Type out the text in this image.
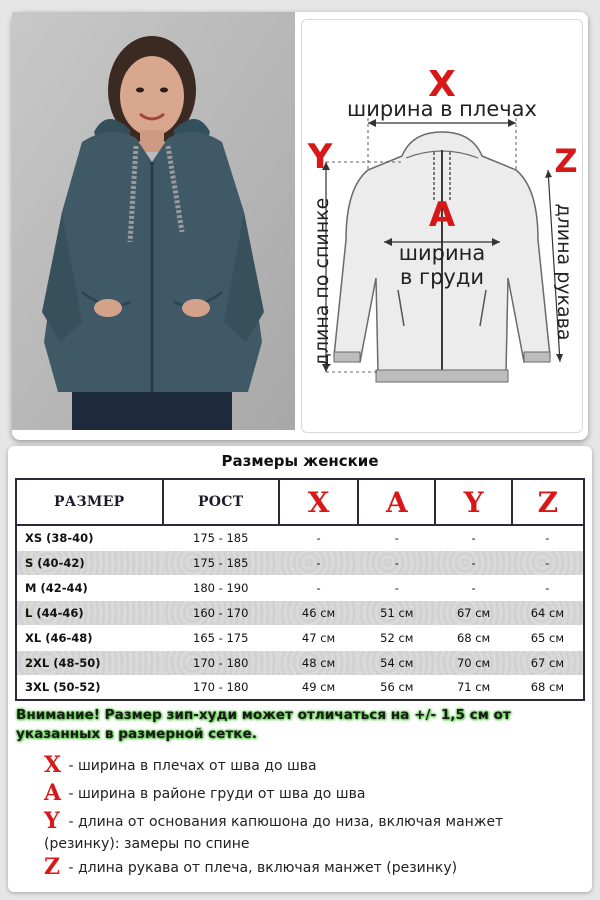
X
A
Y	Z
ширина в плечах
ширина
в груди
длина по спинке	длина рукава
Размеры женские
РАЗМЕР	РОСТ	X	A	Y	Z
XS (38-40)	175 - 185	-	-	-	-
S (40-42)	175 - 185	-	-	-	-
M (42-44)	180 - 190	-	-	-	-
L (44-46)	160 - 170	46 см	51 см	67 см	64 см
XL (46-48)	165 - 175	47 см	52 см	68 см	65 см
2XL (48-50)	170 - 180	48 см	54 см	70 см	67 см
3XL (50-52)	170 - 180	49 см	56 см	71 см	68 см
Внимание! Размер зип-худи может отличаться на +/- 1,5 см от указанных в размерной сетке.
X - ширина в плечах от шва до шва
A - ширина в районе груди от шва до шва
Y - длина от основания капюшона до низа, включая манжет (резинку): замеры по спине
Z - длина рукава от плеча, включая манжет (резинку)
